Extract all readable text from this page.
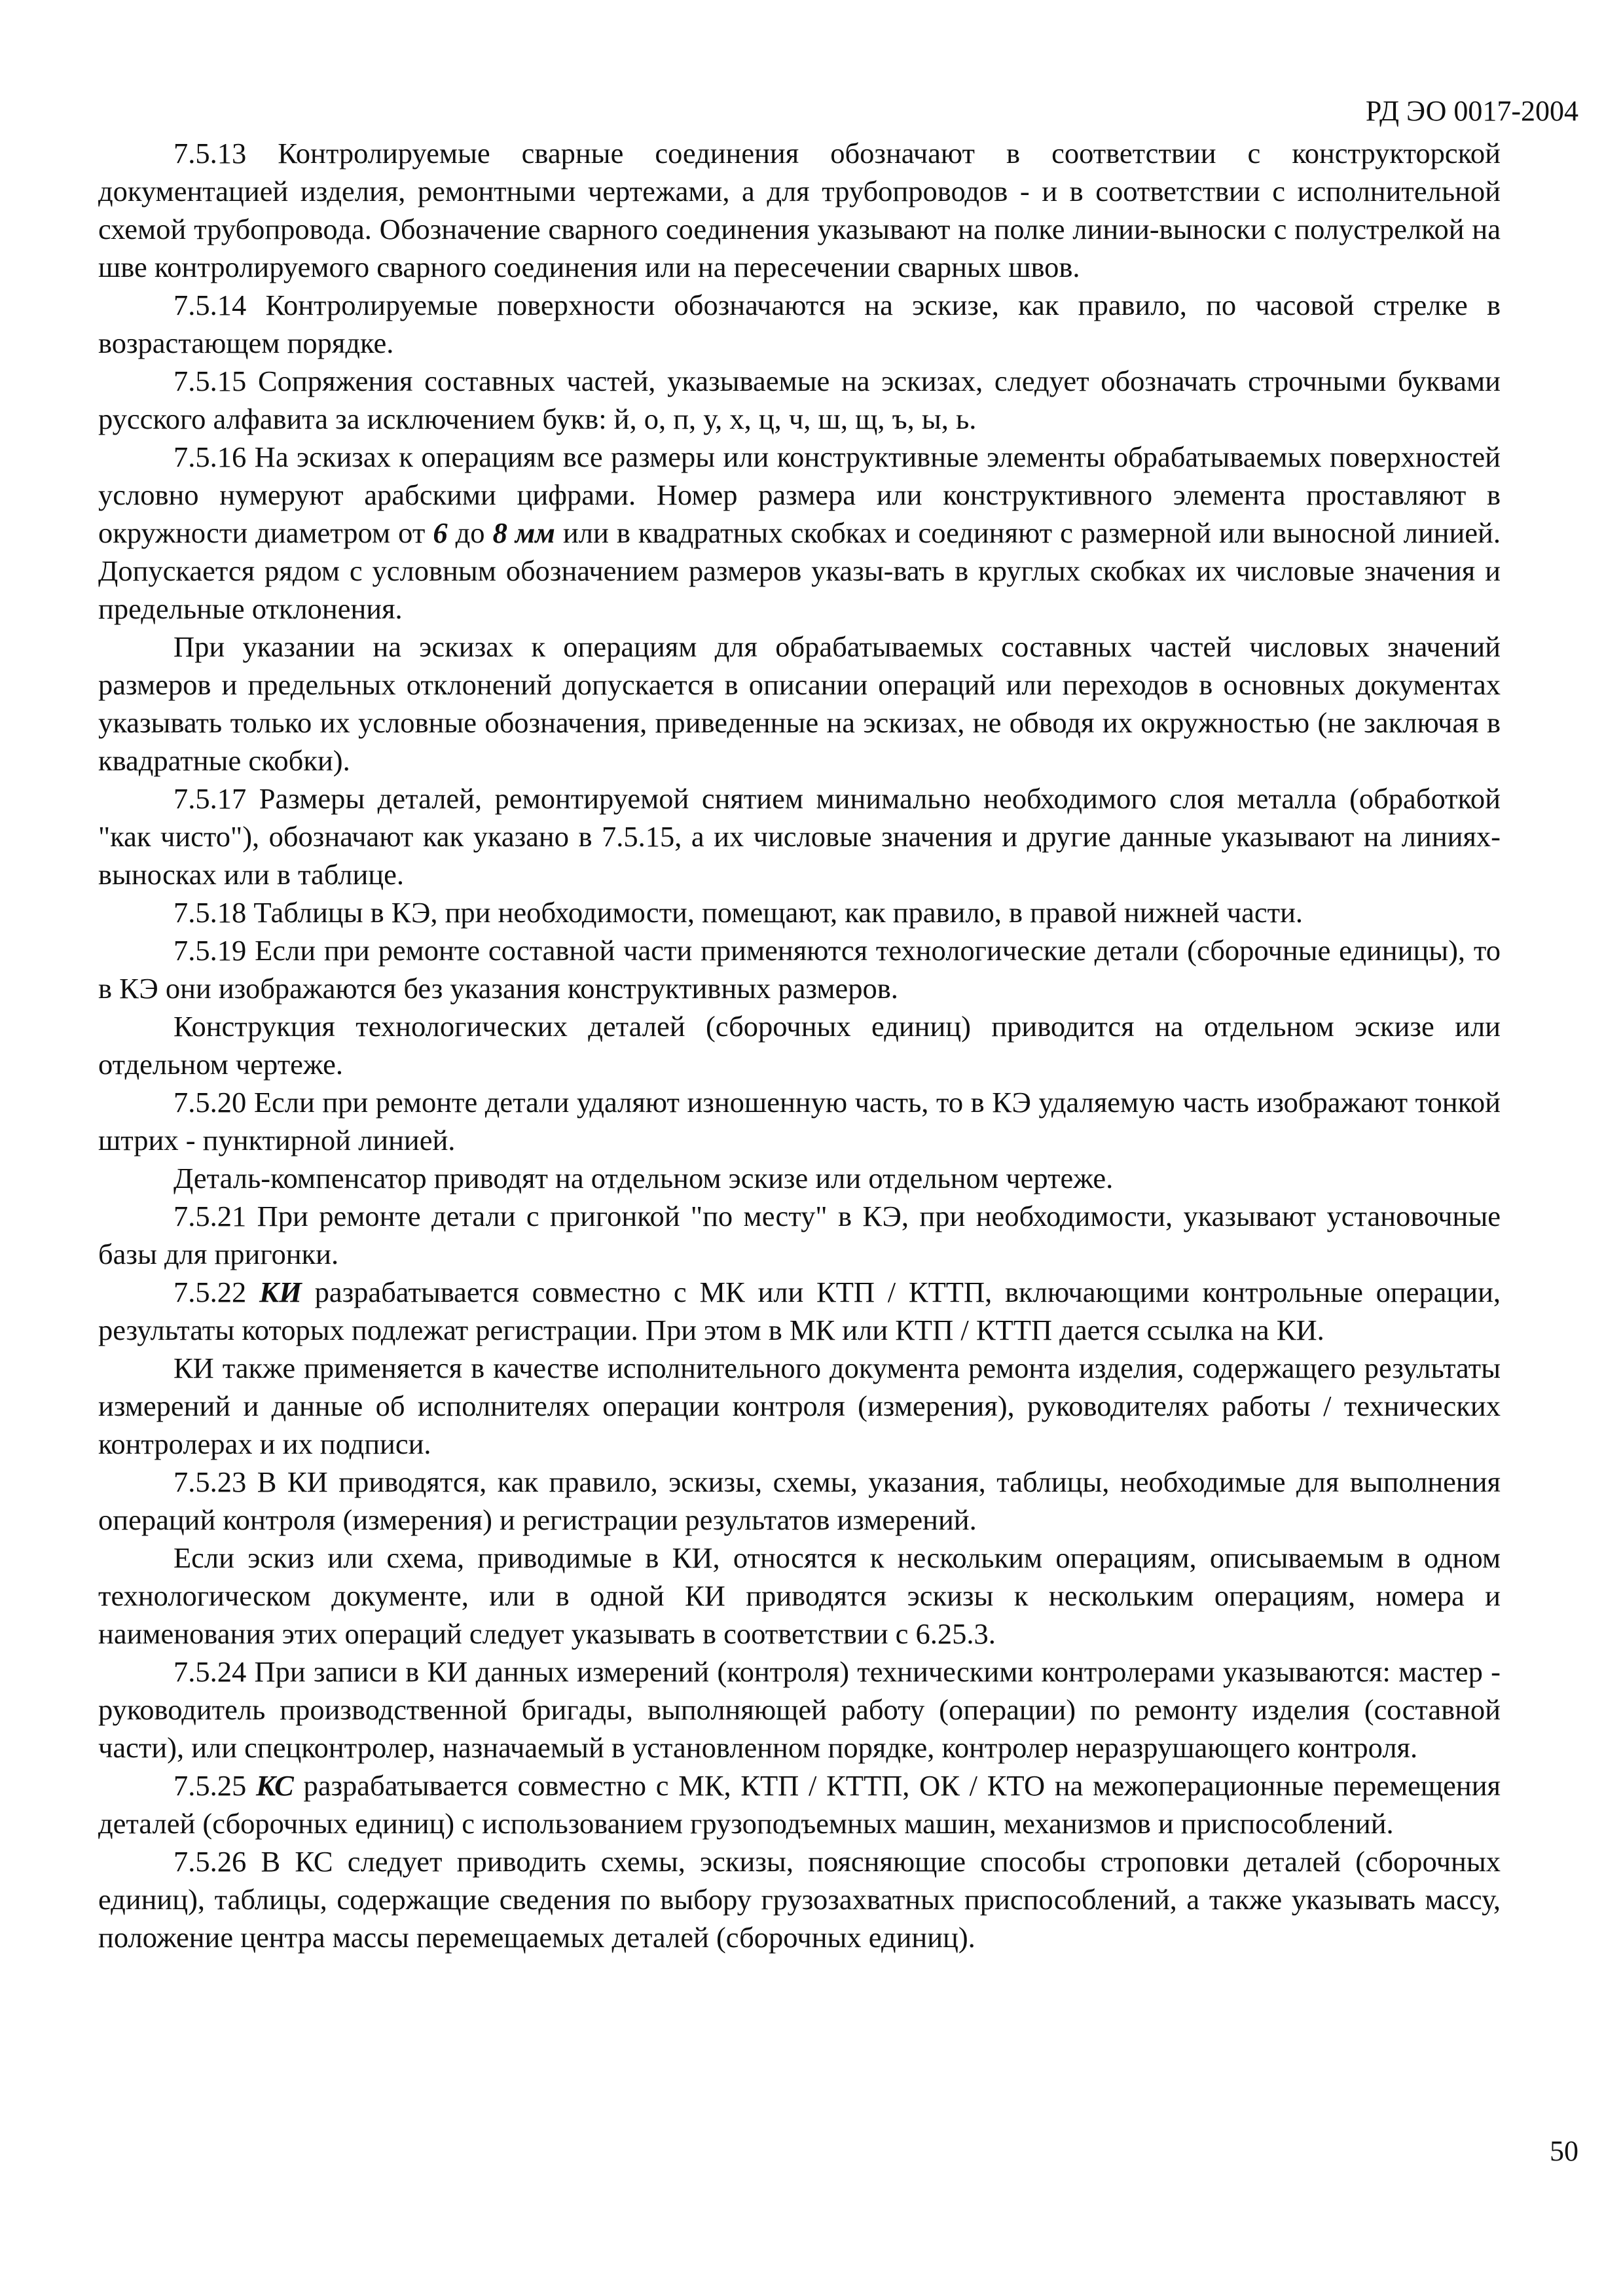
РД ЭО 0017-2004

7.5.13 Контролируемые сварные соединения обозначают в соответствии с конструкторской документацией изделия, ремонтными чертежами, а для трубопроводов - и в соответствии с исполнительной схемой трубопровода. Обозначение сварного соединения указывают на полке линии-выноски с полустрелкой на шве контролируемого сварного соединения или на пересечении сварных швов.

7.5.14 Контролируемые поверхности обозначаются на эскизе, как правило, по часовой стрелке в возрастающем порядке.

7.5.15 Сопряжения составных частей, указываемые на эскизах, следует обозначать строчными буквами русского алфавита за исключением букв: й, о, п, у, х, ц, ч, ш, щ, ъ, ы, ь.

7.5.16 На эскизах к операциям все размеры или конструктивные элементы обрабатываемых поверхностей условно нумеруют арабскими цифрами. Номер размера или конструктивного элемента проставляют в окружности диаметром от 6 до 8 мм или в квадратных скобках и соединяют с размерной или выносной линией. Допускается рядом с условным обозначением размеров указы-вать в круглых скобках их числовые значения и предельные отклонения.

При указании на эскизах к операциям для обрабатываемых составных частей числовых значений размеров и предельных отклонений допускается в описании операций или переходов в основных документах указывать только их условные обозначения, приведенные на эскизах, не обводя их окружностью (не заключая в квадратные скобки).

7.5.17 Размеры деталей, ремонтируемой снятием минимально необходимого слоя металла (обработкой "как чисто"), обозначают как указано в 7.5.15, а их числовые значения и другие данные указывают на линиях-выносках или в таблице.

7.5.18 Таблицы в КЭ, при необходимости, помещают, как правило, в правой нижней части.

7.5.19 Если при ремонте составной части применяются технологические детали (сборочные единицы), то в КЭ они изображаются без указания конструктивных размеров.

Конструкция технологических деталей (сборочных единиц) приводится на отдельном эскизе или отдельном чертеже.

7.5.20 Если при ремонте детали удаляют изношенную часть, то в КЭ удаляемую часть изображают тонкой штрих - пунктирной линией.

Деталь-компенсатор приводят на отдельном эскизе или отдельном чертеже.

7.5.21 При ремонте детали с пригонкой "по месту" в КЭ, при необходимости, указывают установочные базы для пригонки.

7.5.22 КИ разрабатывается совместно с МК или КТП / КТТП, включающими контрольные операции, результаты которых подлежат регистрации. При этом в МК или КТП / КТТП дается ссылка на КИ.

КИ также применяется в качестве исполнительного документа ремонта изделия, содержащего результаты измерений и данные об исполнителях операции контроля (измерения), руководителях работы / технических контролерах и их подписи.

7.5.23 В КИ приводятся, как правило, эскизы, схемы, указания, таблицы, необходимые для выполнения операций контроля (измерения) и регистрации результатов измерений.

Если эскиз или схема, приводимые в КИ, относятся к нескольким операциям, описываемым в одном технологическом документе, или в одной КИ приводятся эскизы к нескольким операциям, номера и наименования этих операций следует указывать в соответствии с 6.25.3.

7.5.24 При записи в КИ данных измерений (контроля) техническими контролерами указываются: мастер - руководитель производственной бригады, выполняющей работу (операции) по ремонту изделия (составной части), или спецконтролер, назначаемый в установленном порядке, контролер неразрушающего контроля.

7.5.25 КС разрабатывается совместно с МК, КТП / КТТП, ОК / КТО на межоперационные перемещения деталей (сборочных единиц) с использованием грузоподъемных машин, механизмов и приспособлений.

7.5.26 В КС следует приводить схемы, эскизы, поясняющие способы строповки деталей (сборочных единиц), таблицы, содержащие сведения по выбору грузозахватных приспособлений, а также указывать массу, положение центра массы перемещаемых деталей (сборочных единиц).

50
